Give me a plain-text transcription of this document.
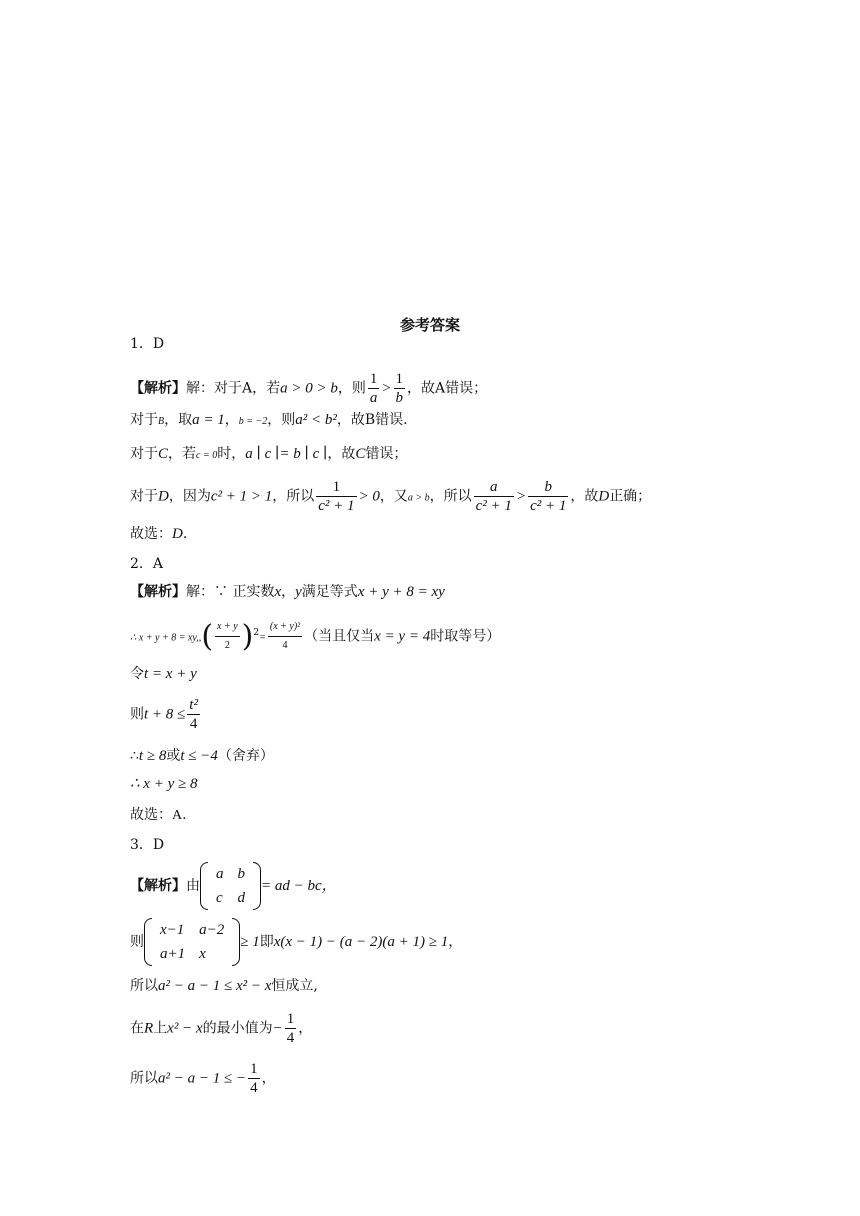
参考答案
1．D
【解析】解：对于A，若a > 0 > b，则 $\frac{1}{a} > \frac{1}{b}$ ，故A错误；
对于B，取a = 1，b = −2，则a² < b²，故B错误.
对于C，若c = 0时，a ∣ c ∣= b ∣ c ∣，故C错误；
对于D，因为c² + 1 > 1，所以 $\frac{1}{\text{c² + 1}} > 0$，又a > b，所以 $\frac{a}{\text{c² + 1}} > \frac{b}{\text{c² + 1}}$ ，故D正确；
故选：D.
2．A
【解析】解：∵ 正实数x，y满足等式x + y + 8 = xy
∴ $x + y + 8 = xy,,( \frac{x + y}{2} )^2= \frac{\text{(x + y)²}}{4}$ （当且仅当x = y = 4时取等号）
令t = x + y
则$t + 8 \le \frac{\text{t²}}{4}$
∴t ≥ 8或t ≤ −4（舍弃）
∴ x + y ≥ 8
故选：A.
3．D
【解析】由
a	b
c	d
= ad − bc，
则
x−1	a−2
a+1	x
≥ 1即x(x − 1) − (a − 2)(a + 1) ≥ 1，
所以a² − a − 1 ≤ x² − x恒成立,
在R上x² − x的最小值为− $\frac{1}{4}$ ，
所以a² − a − 1 ≤ − $\frac{1}{4}$ ，
